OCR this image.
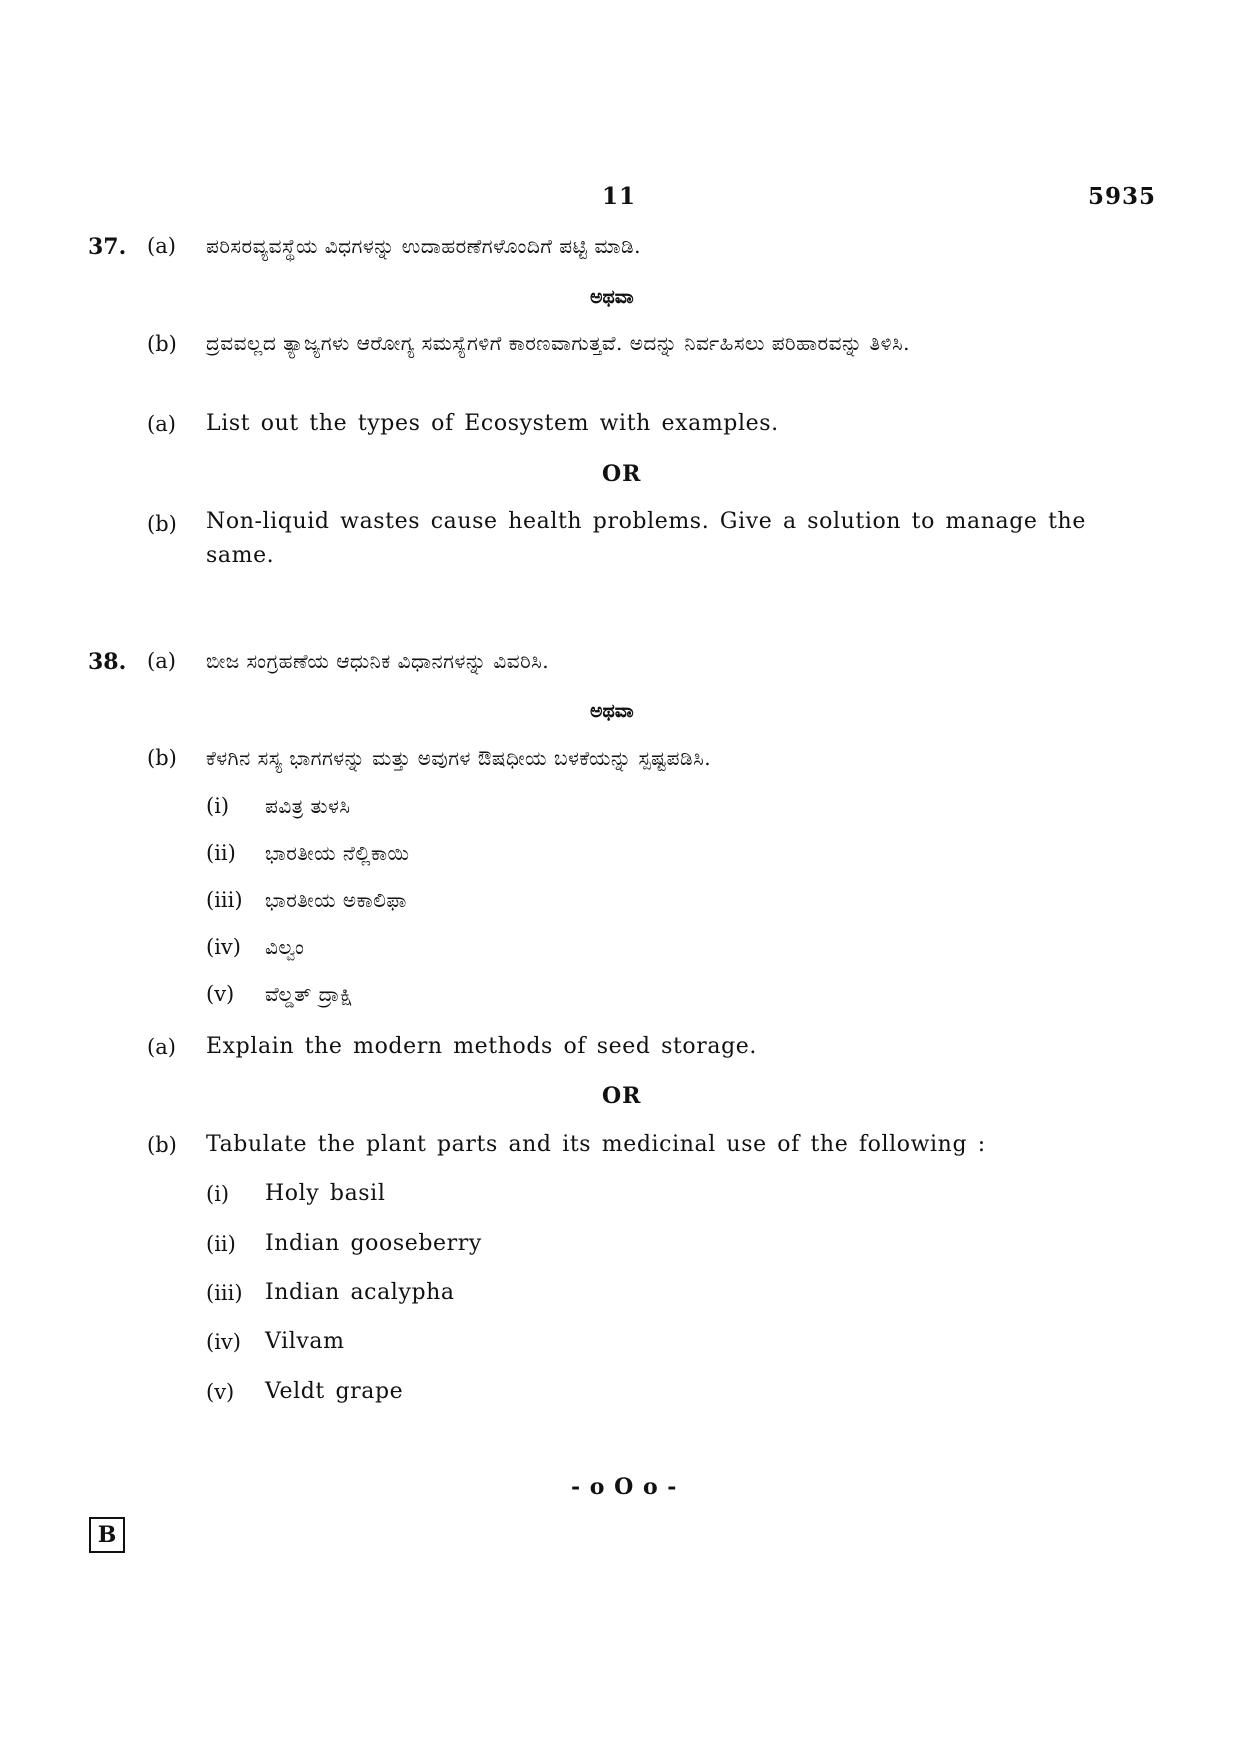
11	5935
37. (a) ಪರಿಸರವ್ಯವಸ್ಥೆಯ ವಿಧಗಳನ್ನು ಉದಾಹರಣೆಗಳೊಂದಿಗೆ ಪಟ್ಟಿ ಮಾಡಿ.
ಅಥವಾ
(b) ದ್ರವವಲ್ಲದ ತ್ಯಾಜ್ಯಗಳು ಆರೋಗ್ಯ ಸಮಸ್ಯೆಗಳಿಗೆ ಕಾರಣವಾಗುತ್ತವೆ. ಅದನ್ನು ನಿರ್ವಹಿಸಲು ಪರಿಹಾರವನ್ನು ತಿಳಿಸಿ.
(a) List out the types of Ecosystem with examples.
OR
(b) Non-liquid wastes cause health problems. Give a solution to manage the same.
38. (a) ಬೀಜ ಸಂಗ್ರಹಣೆಯ ಆಧುನಿಕ ವಿಧಾನಗಳನ್ನು ವಿವರಿಸಿ.
ಅಥವಾ
(b) ಕೆಳಗಿನ ಸಸ್ಯ ಭಾಗಗಳನ್ನು ಮತ್ತು ಅವುಗಳ ಔಷಧೀಯ ಬಳಕೆಯನ್ನು ಸ್ಪಷ್ಟಪಡಿಸಿ.
(i) ಪವಿತ್ರ ತುಳಸಿ
(ii) ಭಾರತೀಯ ನೆಲ್ಲಿಕಾಯಿ
(iii) ಭಾರತೀಯ ಅಕಾಲಿಫಾ
(iv) ವಿಲ್ವಂ
(v) ವೆಲ್ಡತ್ ದ್ರಾಕ್ಷಿ
(a) Explain the modern methods of seed storage.
OR
(b) Tabulate the plant parts and its medicinal use of the following :
(i) Holy basil
(ii) Indian gooseberry
(iii) Indian acalypha
(iv) Vilvam
(v) Veldt grape
- o O o -
B
